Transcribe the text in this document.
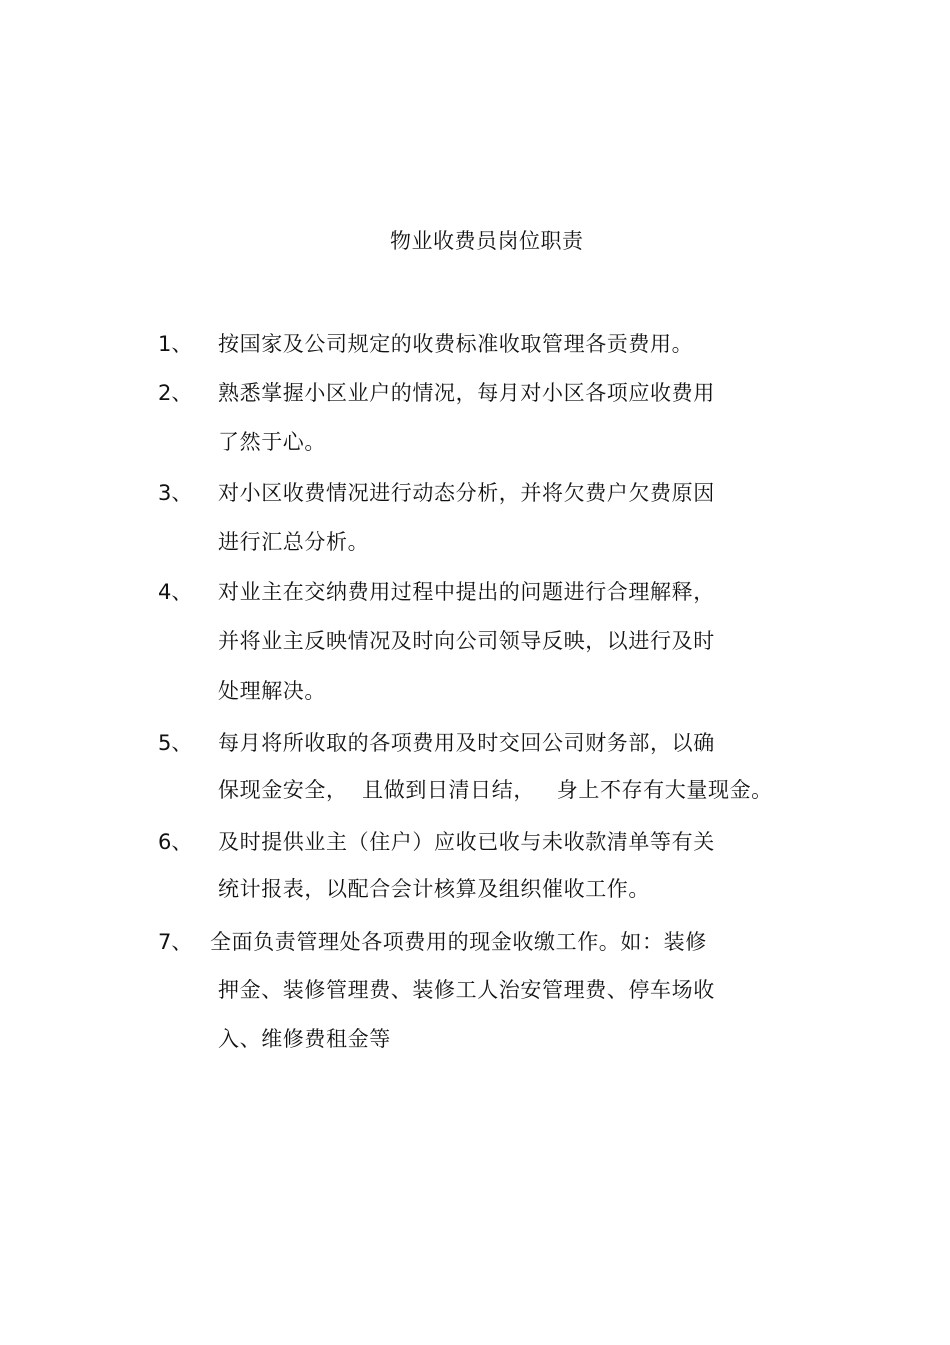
物业收费员岗位职责
1、 按国家及公司规定的收费标准收取管理各贡费用。
2、 熟悉掌握小区业户的情况，每月对小区各项应收费用
了然于心。
3、 对小区收费情况进行动态分析，并将欠费户欠费原因
进行汇总分析。
4、 对业主在交纳费用过程中提出的问题进行合理解释，
并将业主反映情况及时向公司领导反映，以进行及时
处理解决。
5、 每月将所收取的各项费用及时交回公司财务部，以确
保现金安全，  且做到日清日结，   身上不存有大量现金。
6、 及时提供业主（住户）应收已收与未收款清单等有关
统计报表，以配合会计核算及组织催收工作。
7、 全面负责管理处各项费用的现金收缴工作。如：装修
押金、装修管理费、装修工人治安管理费、停车场收
入、维修费租金等
